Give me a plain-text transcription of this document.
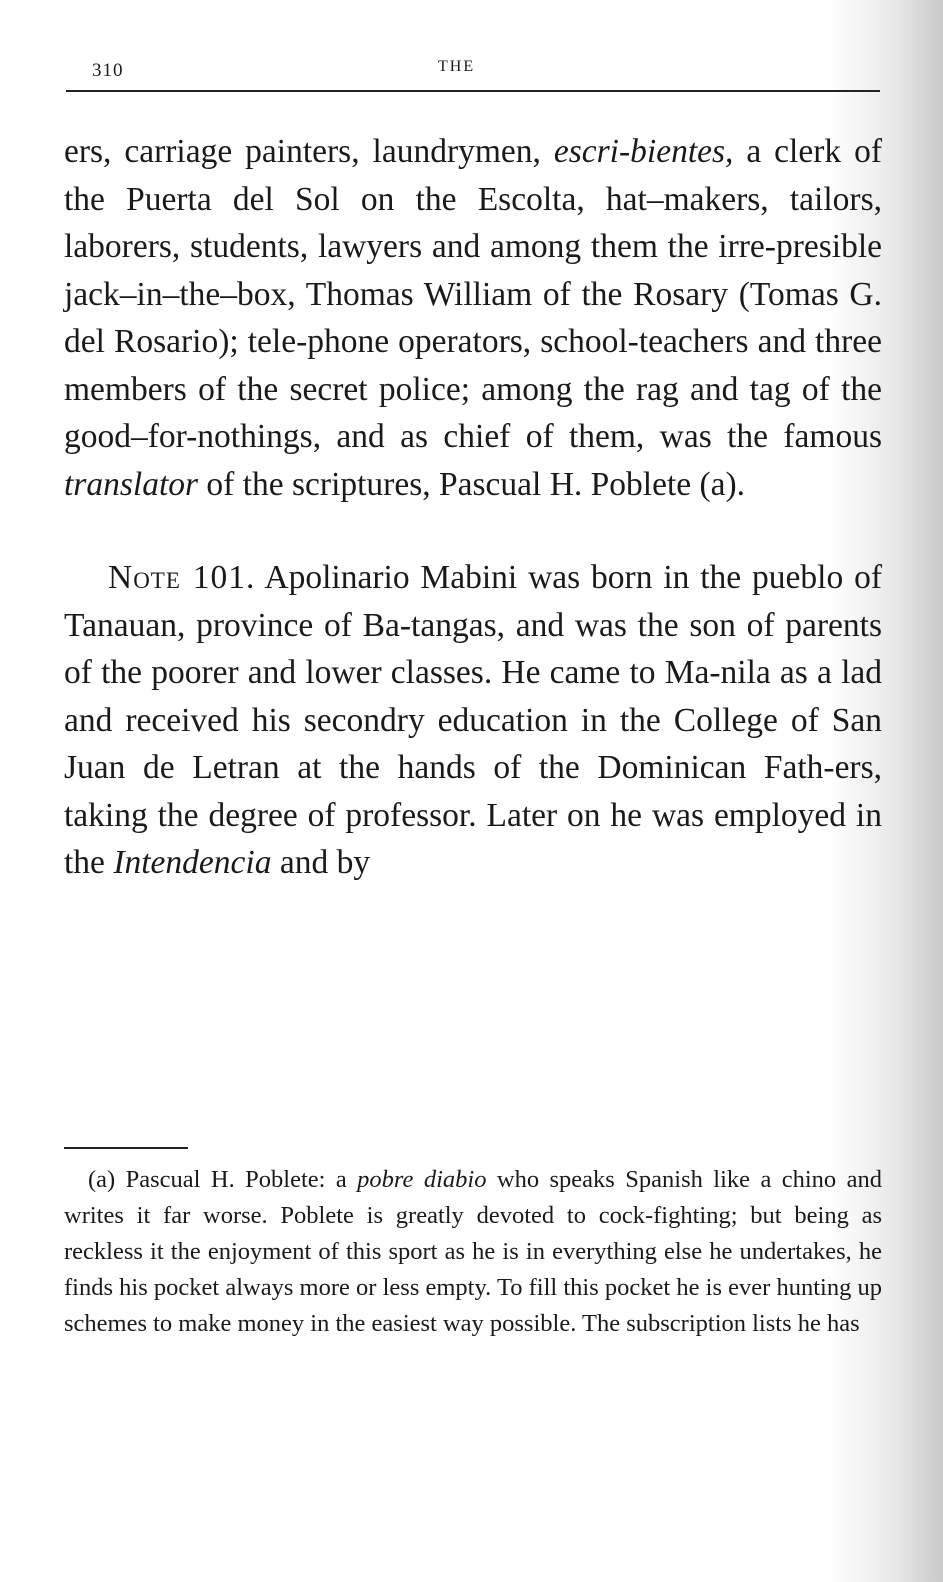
310	THE

ers, carriage painters, laundrymen, escri-bientes, a clerk of the Puerta del Sol on the Escolta, hat–makers, tailors, laborers, students, lawyers and among them the irre-presible jack–in–the–box, Thomas William of the Rosary (Tomas G. del Rosario); tele-phone operators, school-teachers and three members of the secret police; among the rag and tag of the good–for-nothings, and as chief of them, was the famous translator of the scriptures, Pascual H. Poblete (a).

Note 101. Apolinario Mabini was born in the pueblo of Tanauan, province of Ba-tangas, and was the son of parents of the poorer and lower classes. He came to Ma-nila as a lad and received his secondry education in the College of San Juan de Letran at the hands of the Dominican Fath-ers, taking the degree of professor. Later on he was employed in the Intendencia and by

(a) Pascual H. Poblete: a pobre diabio who speaks Spanish like a chino and writes it far worse. Poblete is greatly devoted to cock-fighting; but being as reckless it the enjoyment of this sport as he is in everything else he undertakes, he finds his pocket always more or less empty. To fill this pocket he is ever hunting up schemes to make money in the easiest way possible. The subscription lists he has
